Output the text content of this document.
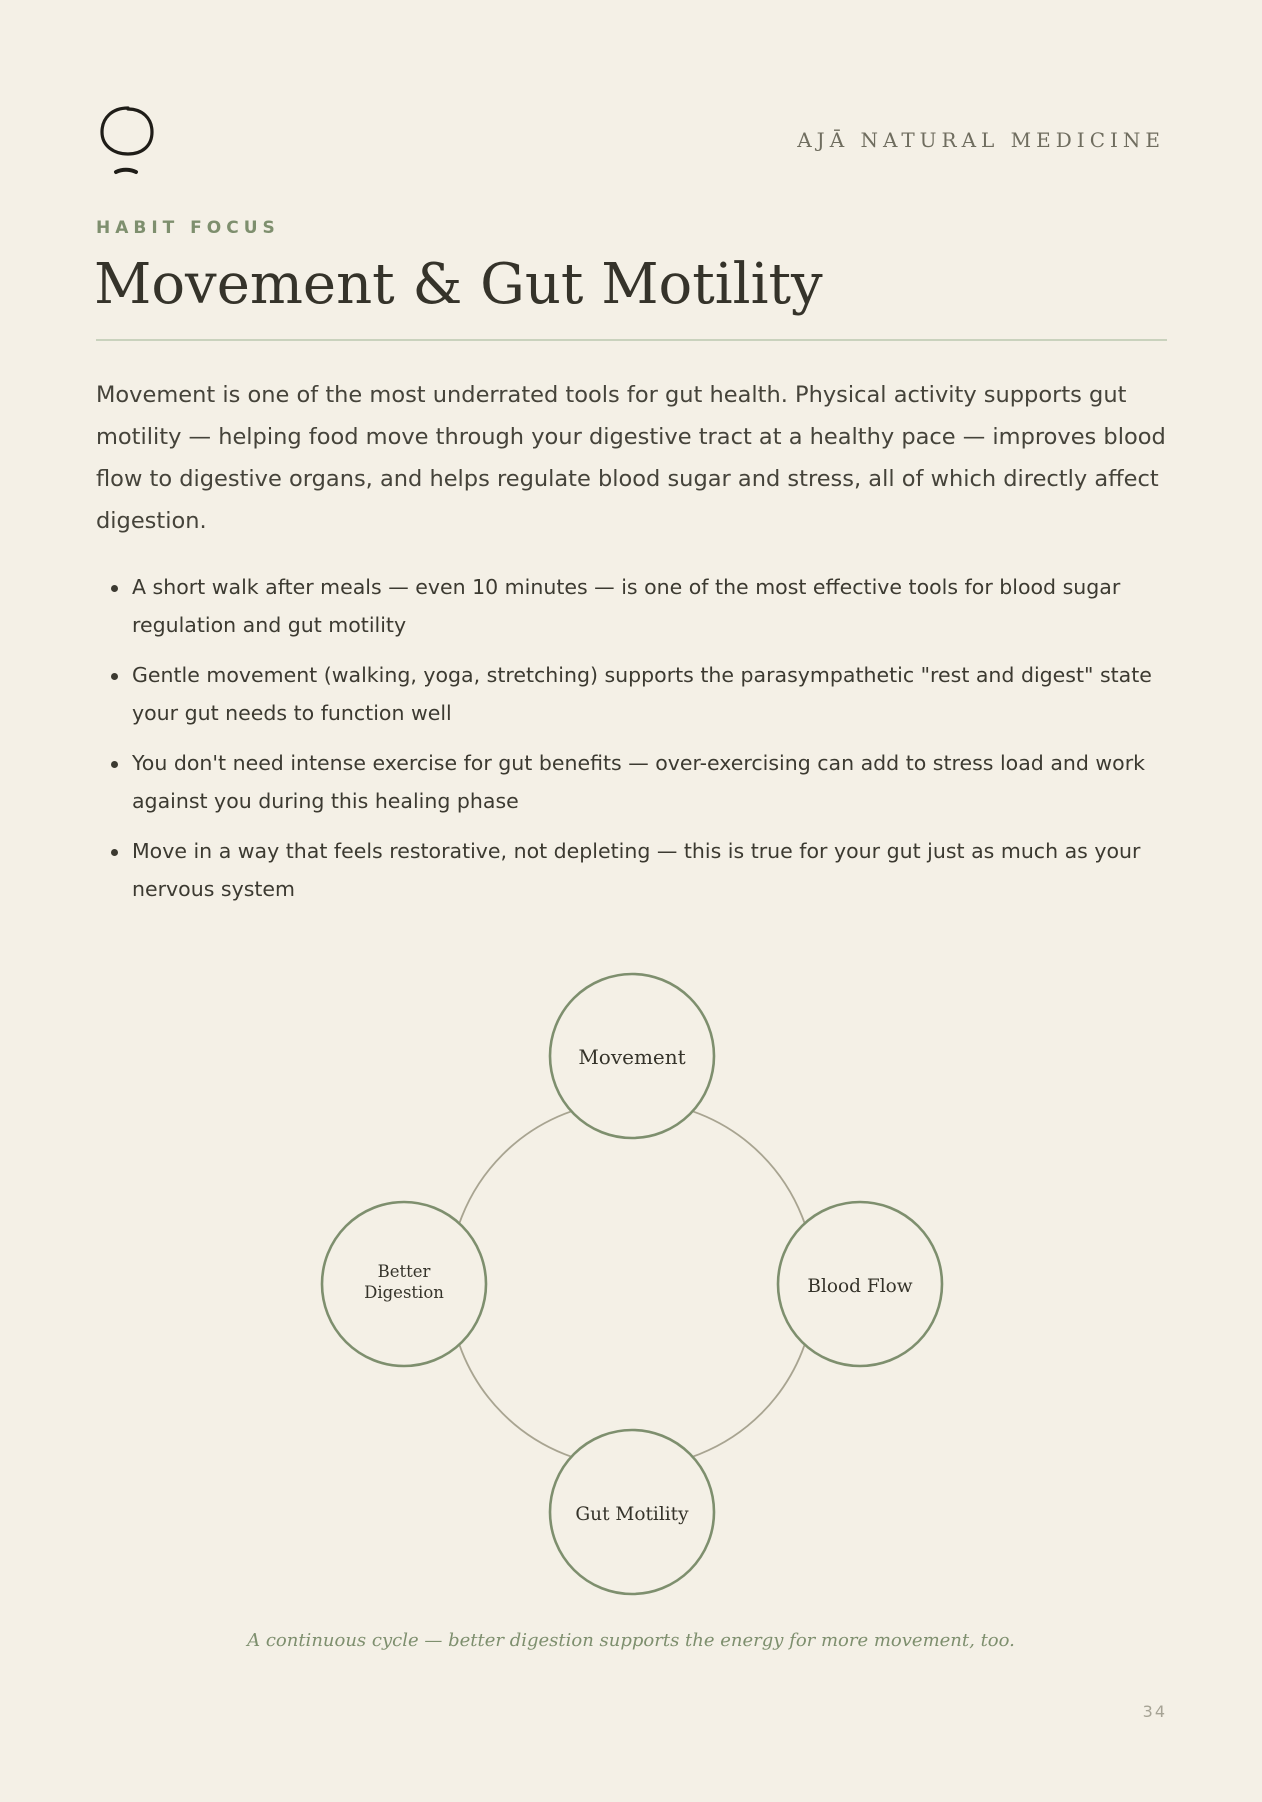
AJĀ NATURAL MEDICINE
HABIT FOCUS
Movement & Gut Motility

Movement is one of the most underrated tools for gut health. Physical activity supports gut motility — helping food move through your digestive tract at a healthy pace — improves blood flow to digestive organs, and helps regulate blood sugar and stress, all of which directly affect digestion.

A short walk after meals — even 10 minutes — is one of the most effective tools for blood sugar regulation and gut motility
Gentle movement (walking, yoga, stretching) supports the parasympathetic "rest and digest" state your gut needs to function well
You don't need intense exercise for gut benefits — over-exercising can add to stress load and work against you during this healing phase
Move in a way that feels restorative, not depleting — this is true for your gut just as much as your nervous system
Movement
Blood Flow
Gut Motility
Better
Digestion
A continuous cycle — better digestion supports the energy for more movement, too.
34
